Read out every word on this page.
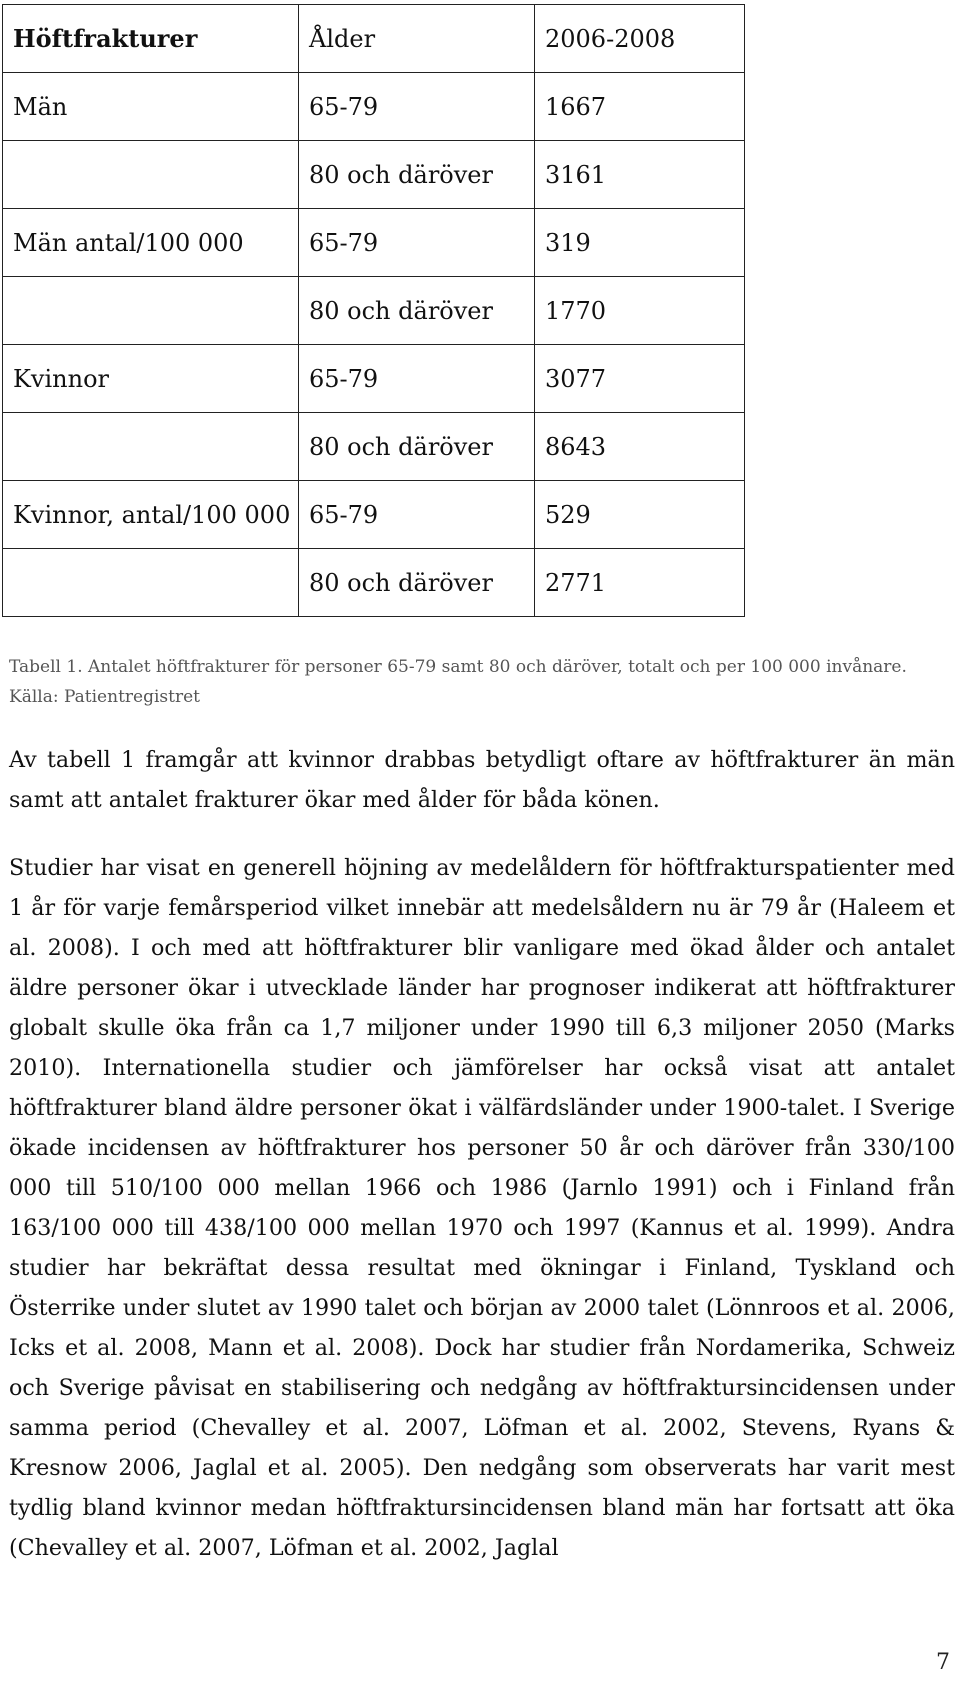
Höftfrakturer	Ålder	2006-2008
Män	65-79	1667
	80 och däröver	3161
Män antal/100 000	65-79	319
	80 och däröver	1770
Kvinnor	65-79	3077
	80 och däröver	8643
Kvinnor, antal/100 000	65-79	529
	80 och däröver	2771
Tabell 1. Antalet höftfrakturer för personer 65-79 samt 80 och däröver, totalt och per 100 000 invånare. Källa: Patientregistret

Av tabell 1 framgår att kvinnor drabbas betydligt oftare av höftfrakturer än män samt att antalet frakturer ökar med ålder för båda könen.

Studier har visat en generell höjning av medelåldern för höftfrakturspatienter med 1 år för varje femårsperiod vilket innebär att medelsåldern nu är 79 år (Haleem et al. 2008). I och med att höftfrakturer blir vanligare med ökad ålder och antalet äldre personer ökar i utvecklade länder har prognoser indikerat att höftfrakturer globalt skulle öka från ca 1,7 miljoner under 1990 till 6,3 miljoner 2050 (Marks 2010). Internationella studier och jämförelser har också visat att antalet höftfrakturer bland äldre personer ökat i välfärdsländer under 1900-talet. I Sverige ökade incidensen av höftfrakturer hos personer 50 år och däröver från 330/100 000 till 510/100 000 mellan 1966 och 1986 (Jarnlo 1991) och i Finland från 163/100 000 till 438/100 000 mellan 1970 och 1997 (Kannus et al. 1999). Andra studier har bekräftat dessa resultat med ökningar i Finland, Tyskland och Österrike under slutet av 1990 talet och början av 2000 talet (Lönnroos et al. 2006, Icks et al. 2008, Mann et al. 2008). Dock har studier från Nordamerika, Schweiz och Sverige påvisat en stabilisering och nedgång av höftfraktursincidensen under samma period (Chevalley et al. 2007, Löfman et al. 2002, Stevens, Ryans & Kresnow 2006, Jaglal et al. 2005). Den nedgång som observerats har varit mest tydlig bland kvinnor medan höftfraktursincidensen bland män har fortsatt att öka (Chevalley et al. 2007, Löfman et al. 2002, Jaglal

7
